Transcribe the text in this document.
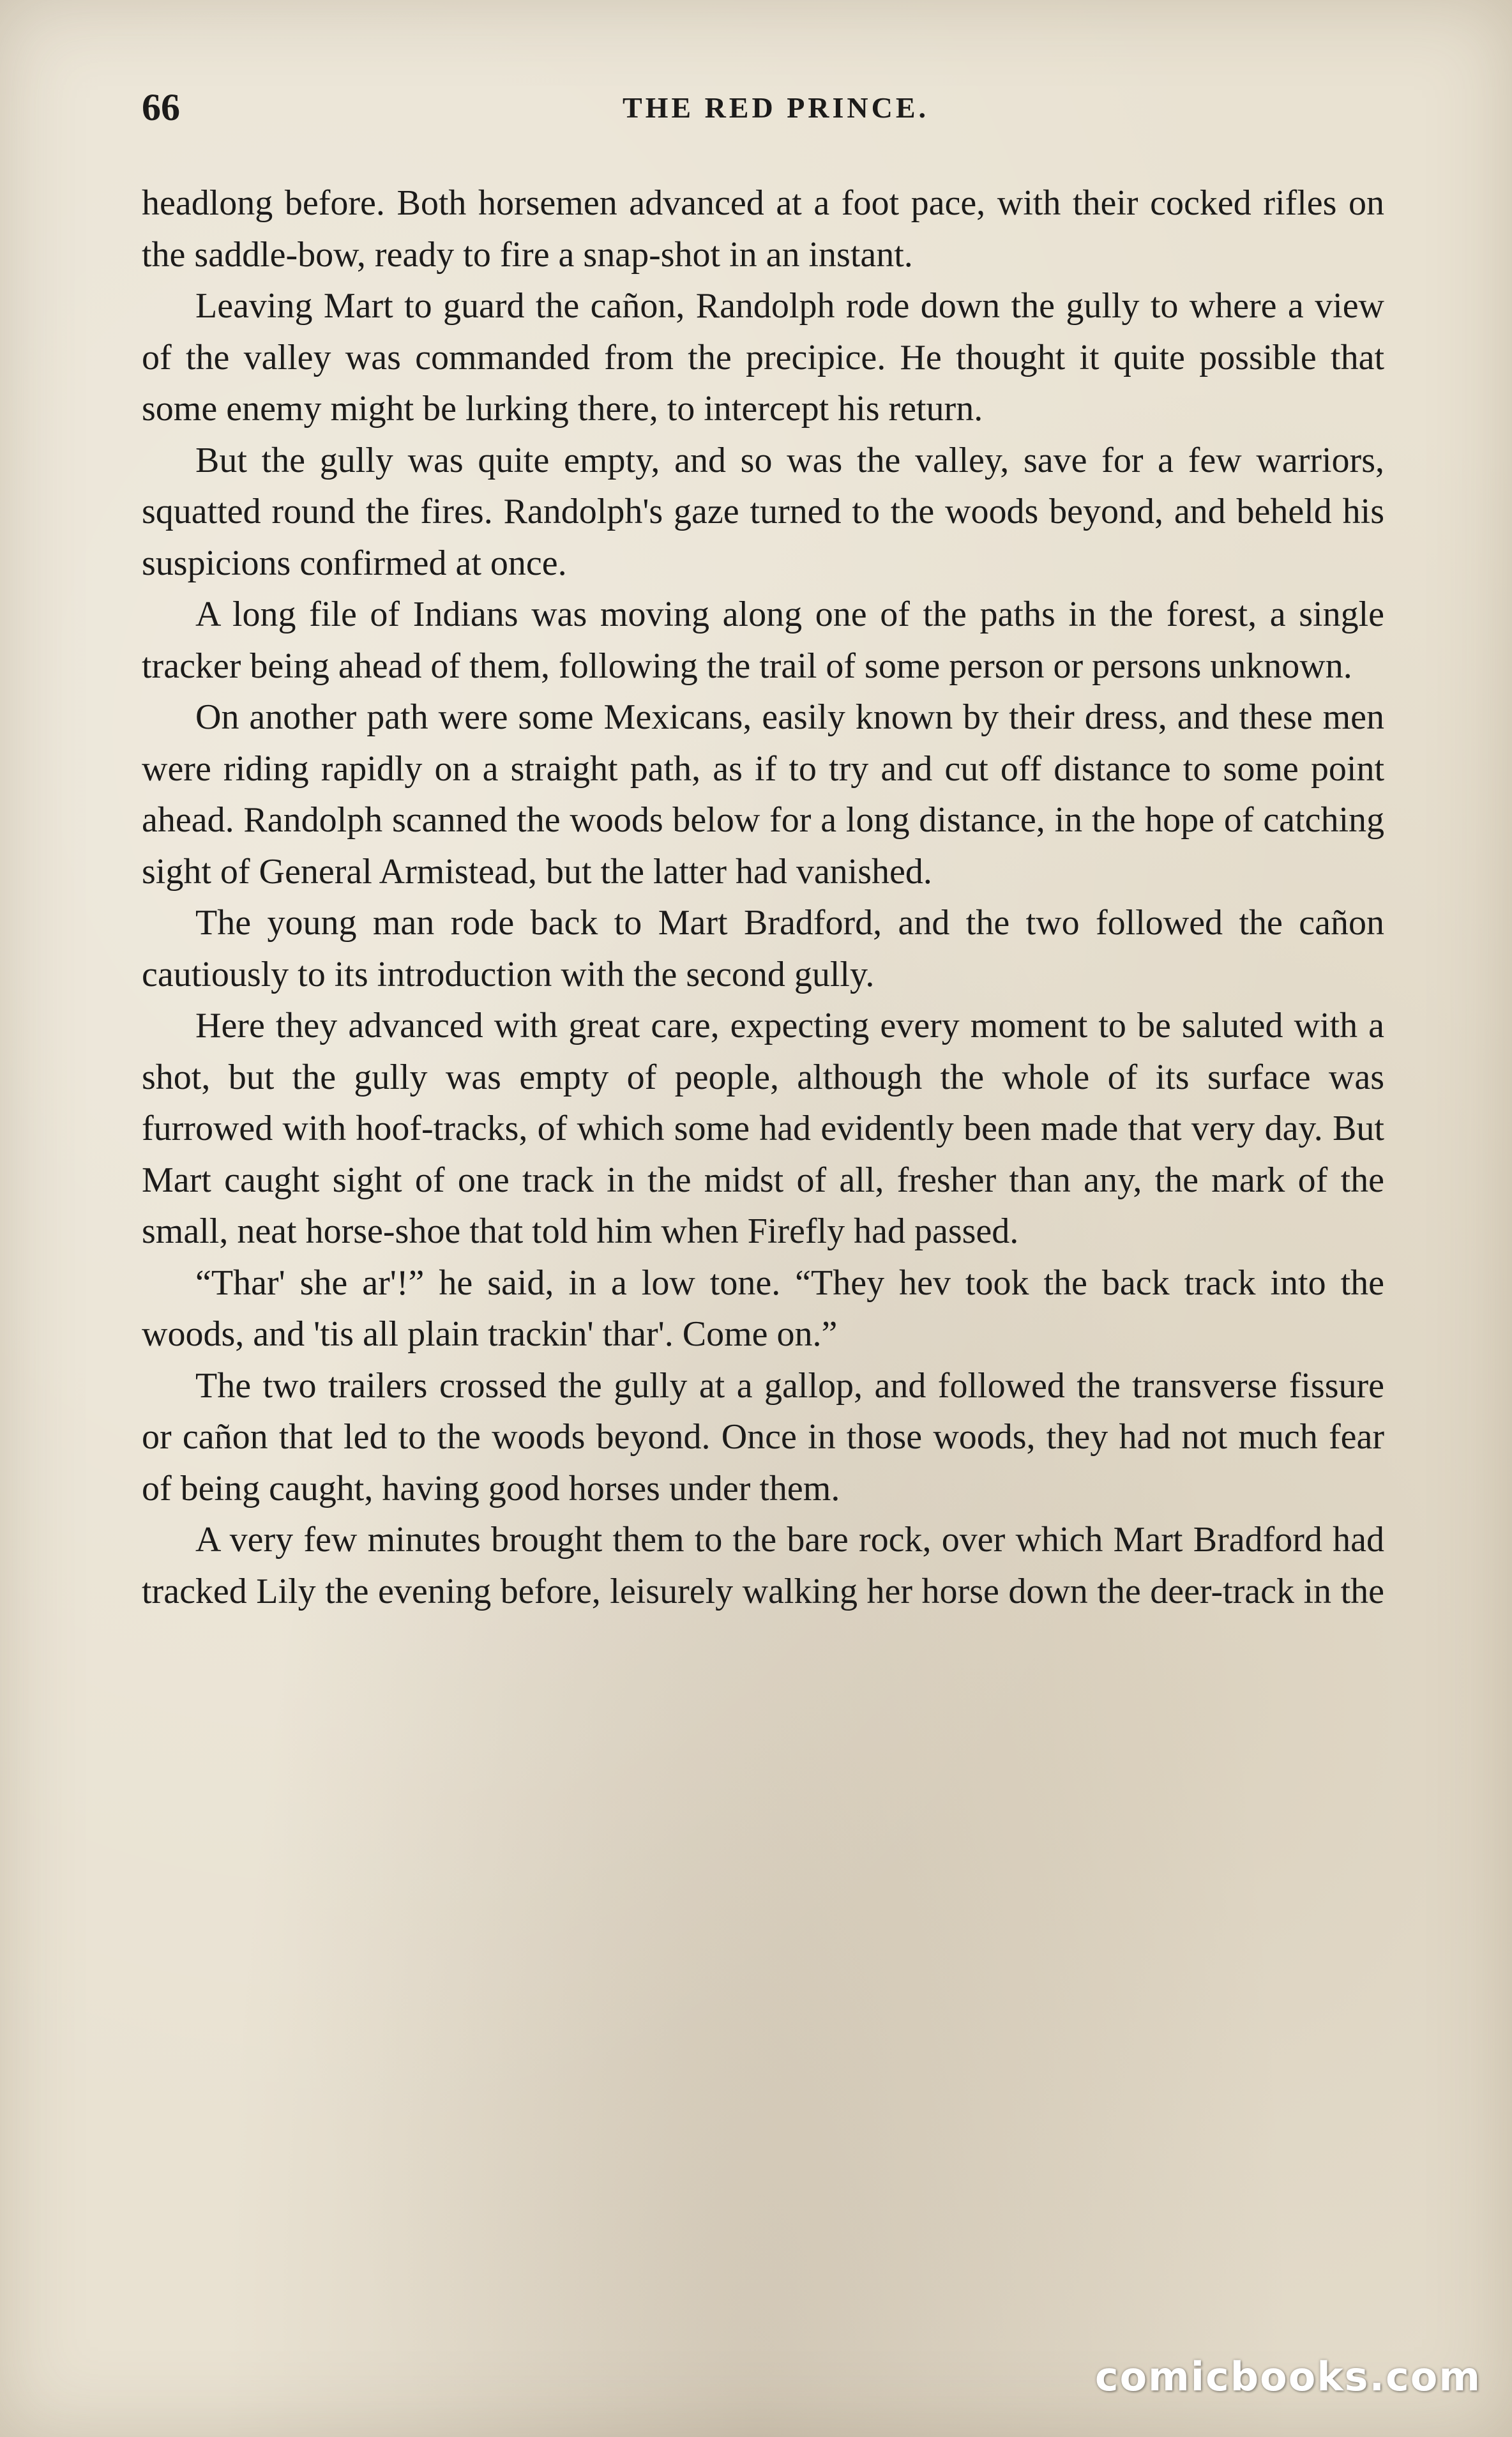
66	THE RED PRINCE.

headlong before. Both horsemen advanced at a foot pace, with their cocked rifles on the saddle-bow, ready to fire a snap-shot in an instant.

Leaving Mart to guard the cañon, Randolph rode down the gully to where a view of the valley was commanded from the precipice. He thought it quite possible that some enemy might be lurking there, to intercept his return.

But the gully was quite empty, and so was the valley, save for a few warriors, squatted round the fires. Randolph's gaze turned to the woods beyond, and beheld his suspicions confirmed at once.

A long file of Indians was moving along one of the paths in the forest, a single tracker being ahead of them, following the trail of some person or persons unknown.

On another path were some Mexicans, easily known by their dress, and these men were riding rapidly on a straight path, as if to try and cut off distance to some point ahead. Randolph scanned the woods below for a long distance, in the hope of catching sight of General Armistead, but the latter had vanished.

The young man rode back to Mart Bradford, and the two followed the cañon cautiously to its introduction with the second gully.

Here they advanced with great care, expecting every moment to be saluted with a shot, but the gully was empty of people, although the whole of its surface was furrowed with hoof-tracks, of which some had evidently been made that very day. But Mart caught sight of one track in the midst of all, fresher than any, the mark of the small, neat horse-shoe that told him when Firefly had passed.

“Thar' she ar'!” he said, in a low tone. “They hev took the back track into the woods, and 'tis all plain trackin' thar'. Come on.”

The two trailers crossed the gully at a gallop, and followed the transverse fissure or cañon that led to the woods beyond. Once in those woods, they had not much fear of being caught, having good horses under them.

A very few minutes brought them to the bare rock, over which Mart Bradford had tracked Lily the evening before, leisurely walking her horse down the deer-track in the

comicbooks.com
